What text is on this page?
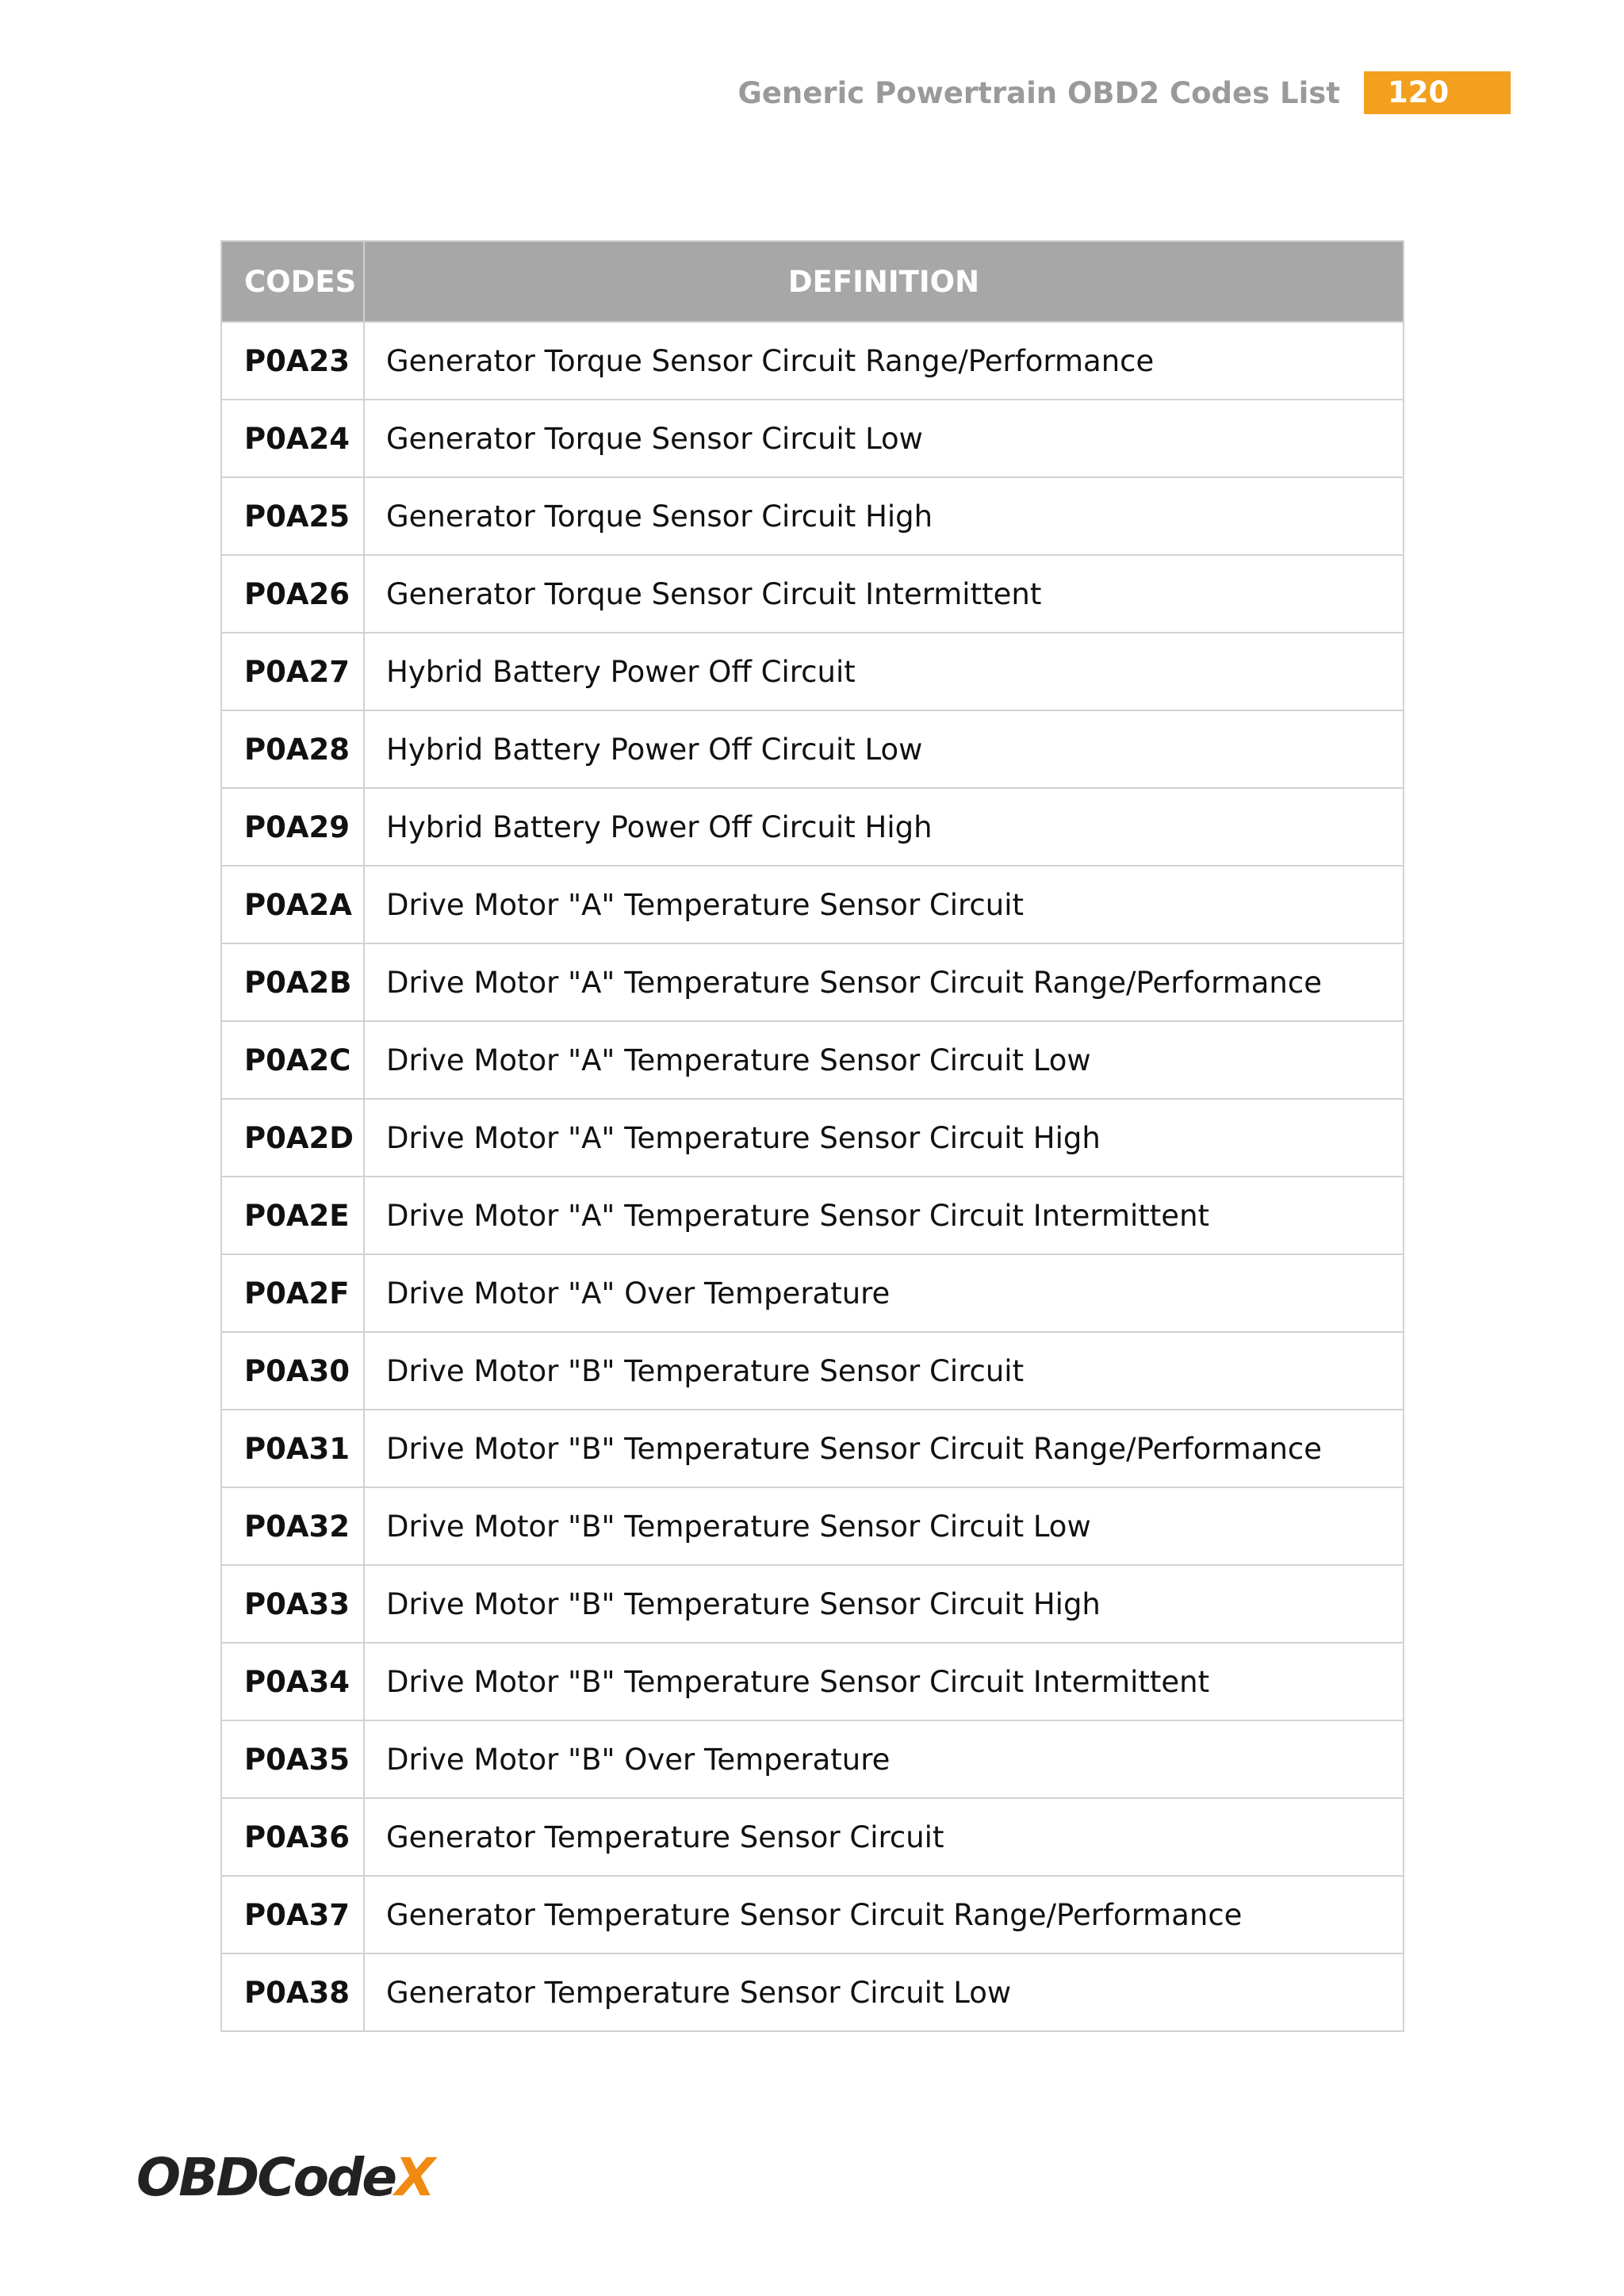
Generic Powertrain OBD2 Codes List	120
CODES	DEFINITION
P0A23	Generator Torque Sensor Circuit Range/Performance
P0A24	Generator Torque Sensor Circuit Low
P0A25	Generator Torque Sensor Circuit High
P0A26	Generator Torque Sensor Circuit Intermittent
P0A27	Hybrid Battery Power Off Circuit
P0A28	Hybrid Battery Power Off Circuit Low
P0A29	Hybrid Battery Power Off Circuit High
P0A2A	Drive Motor "A" Temperature Sensor Circuit
P0A2B	Drive Motor "A" Temperature Sensor Circuit Range/Performance
P0A2C	Drive Motor "A" Temperature Sensor Circuit Low
P0A2D	Drive Motor "A" Temperature Sensor Circuit High
P0A2E	Drive Motor "A" Temperature Sensor Circuit Intermittent
P0A2F	Drive Motor "A" Over Temperature
P0A30	Drive Motor "B" Temperature Sensor Circuit
P0A31	Drive Motor "B" Temperature Sensor Circuit Range/Performance
P0A32	Drive Motor "B" Temperature Sensor Circuit Low
P0A33	Drive Motor "B" Temperature Sensor Circuit High
P0A34	Drive Motor "B" Temperature Sensor Circuit Intermittent
P0A35	Drive Motor "B" Over Temperature
P0A36	Generator Temperature Sensor Circuit
P0A37	Generator Temperature Sensor Circuit Range/Performance
P0A38	Generator Temperature Sensor Circuit Low
OBDCodeX
